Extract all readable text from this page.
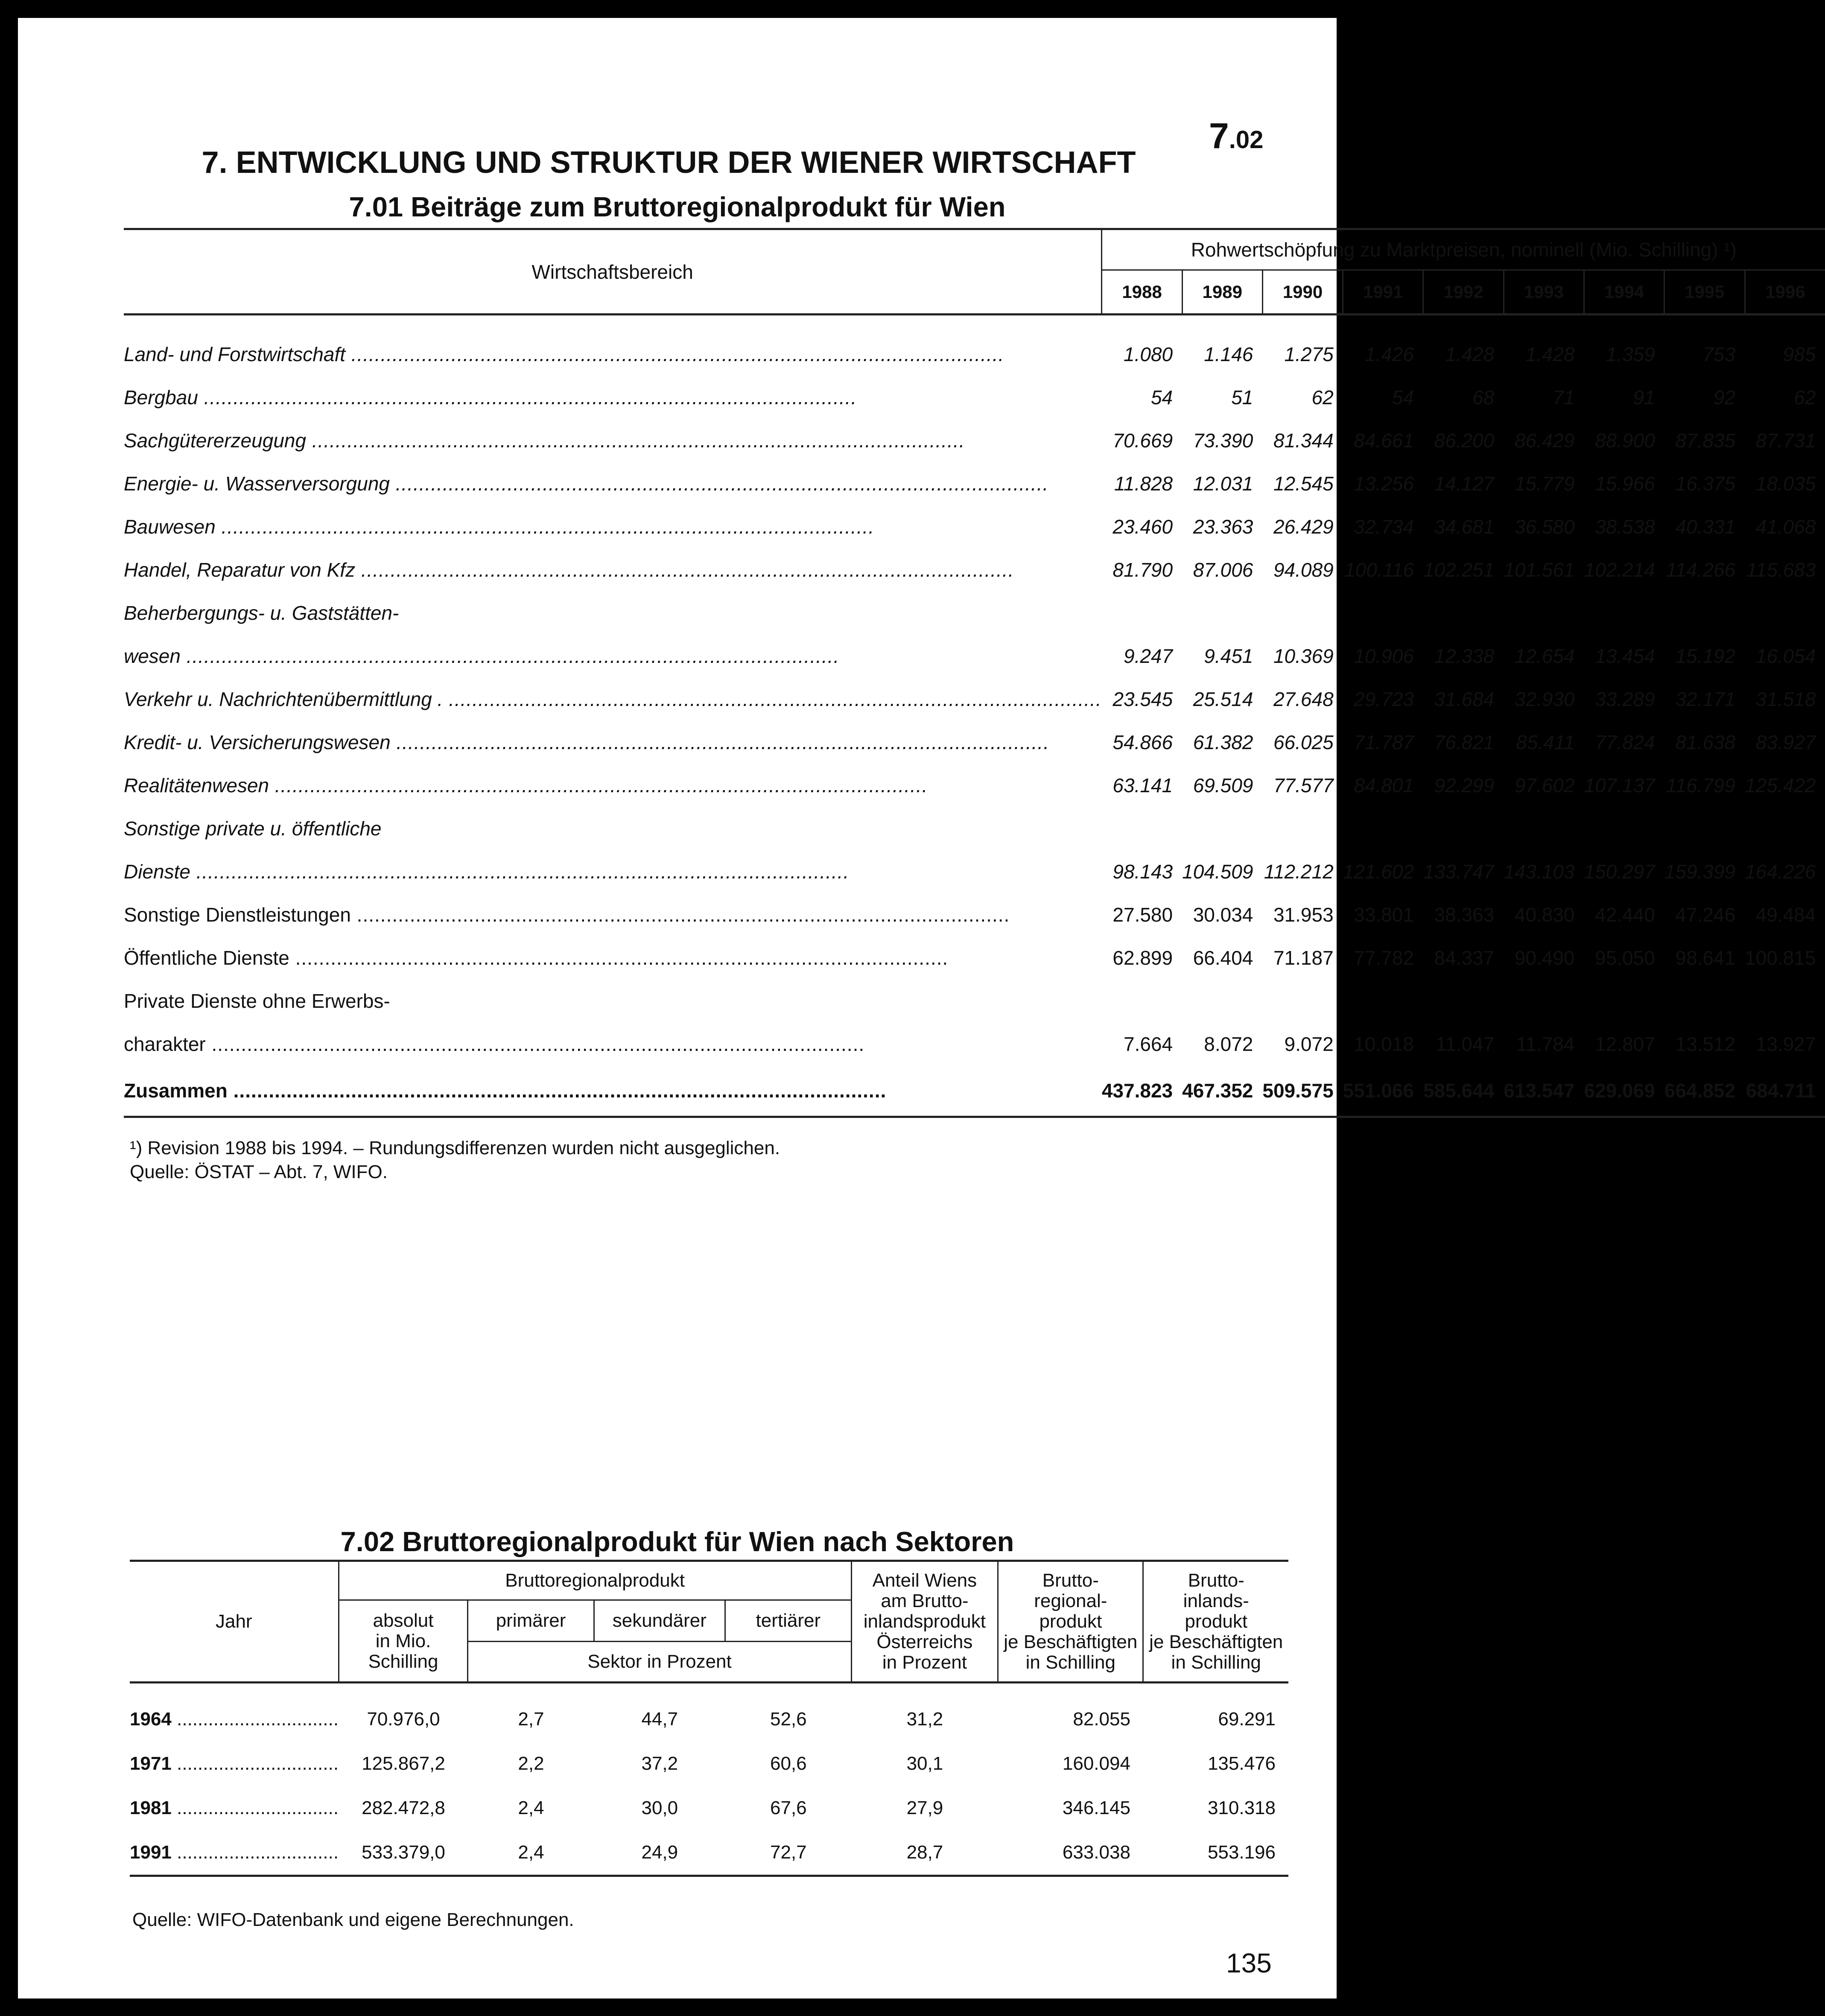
7.02
7. ENTWICKLUNG UND STRUKTUR DER WIENER WIRTSCHAFT
7.01 Beiträge zum Bruttoregionalprodukt für Wien
Wirtschaftsbereich	Rohwertschöpfung zu Marktpreisen, nominell (Mio. Schilling) ¹)								
	1988	1989	1990	1991	1992	1993	1994	1995	1996

Land- und Forstwirtschaft .....	1.080	1.146	1.275	1.426	1.428	1.428	1.359	753	985
Bergbau .....	54	51	62	54	68	71	91	92	62
Sachgütererzeugung .....	70.669	73.390	81.344	84.661	86.200	86.429	88.900	87.835	87.731
Energie- u. Wasserversorgung .....	11.828	12.031	12.545	13.256	14.127	15.779	15.966	16.375	18.035
Bauwesen .....	23.460	23.363	26.429	32.734	34.681	36.580	38.538	40.331	41.068
Handel, Reparatur von Kfz .....	81.790	87.006	94.089	100.116	102.251	101.561	102.214	114.266	115.683
Beherbergungs- u. Gaststätten-									
wesen .....	9.247	9.451	10.369	10.906	12.338	12.654	13.454	15.192	16.054
Verkehr u. Nachrichtenübermittlung . .....	23.545	25.514	27.648	29.723	31.684	32.930	33.289	32.171	31.518
Kredit- u. Versicherungswesen .....	54.866	61.382	66.025	71.787	76.821	85.411	77.824	81.638	83.927
Realitätenwesen .....	63.141	69.509	77.577	84.801	92.299	97.602	107.137	116.799	125.422
Sonstige private u. öffentliche									
Dienste .....	98.143	104.509	112.212	121.602	133.747	143.103	150.297	159.399	164.226
Sonstige Dienstleistungen .....	27.580	30.034	31.953	33.801	38.363	40.830	42.440	47.246	49.484
Öffentliche Dienste .....	62.899	66.404	71.187	77.782	84.337	90.490	95.050	98.641	100.815
Private Dienste ohne Erwerbs-									
charakter .....	7.664	8.072	9.072	10.018	11.047	11.784	12.807	13.512	13.927
Zusammen .....	437.823	467.352	509.575	551.066	585.644	613.547	629.069	664.852	684.711
¹) Revision 1988 bis 1994. – Rundungsdifferenzen wurden nicht ausgeglichen.
Quelle: ÖSTAT – Abt. 7, WIFO.
7.02 Bruttoregionalprodukt für Wien nach Sektoren
Jahr	Bruttoregionalprodukt				Anteil Wiens
am Brutto-
inlandsprodukt
Österreichs
in Prozent	Brutto-
regional-
produkt
je Beschäftigten
in Schilling	Brutto-
inlands-
produkt
je Beschäftigten
in Schilling
	absolut
in Mio.
Schilling	primärer	sekundärer	tertiärer			
		Sektor in Prozent					

1964 .....	70.976,0	2,7	44,7	52,6	31,2	82.055	69.291
1971 .....	125.867,2	2,2	37,2	60,6	30,1	160.094	135.476
1981 .....	282.472,8	2,4	30,0	67,6	27,9	346.145	310.318
1991 .....	533.379,0	2,4	24,9	72,7	28,7	633.038	553.196
Quelle: WIFO-Datenbank und eigene Berechnungen.
135
